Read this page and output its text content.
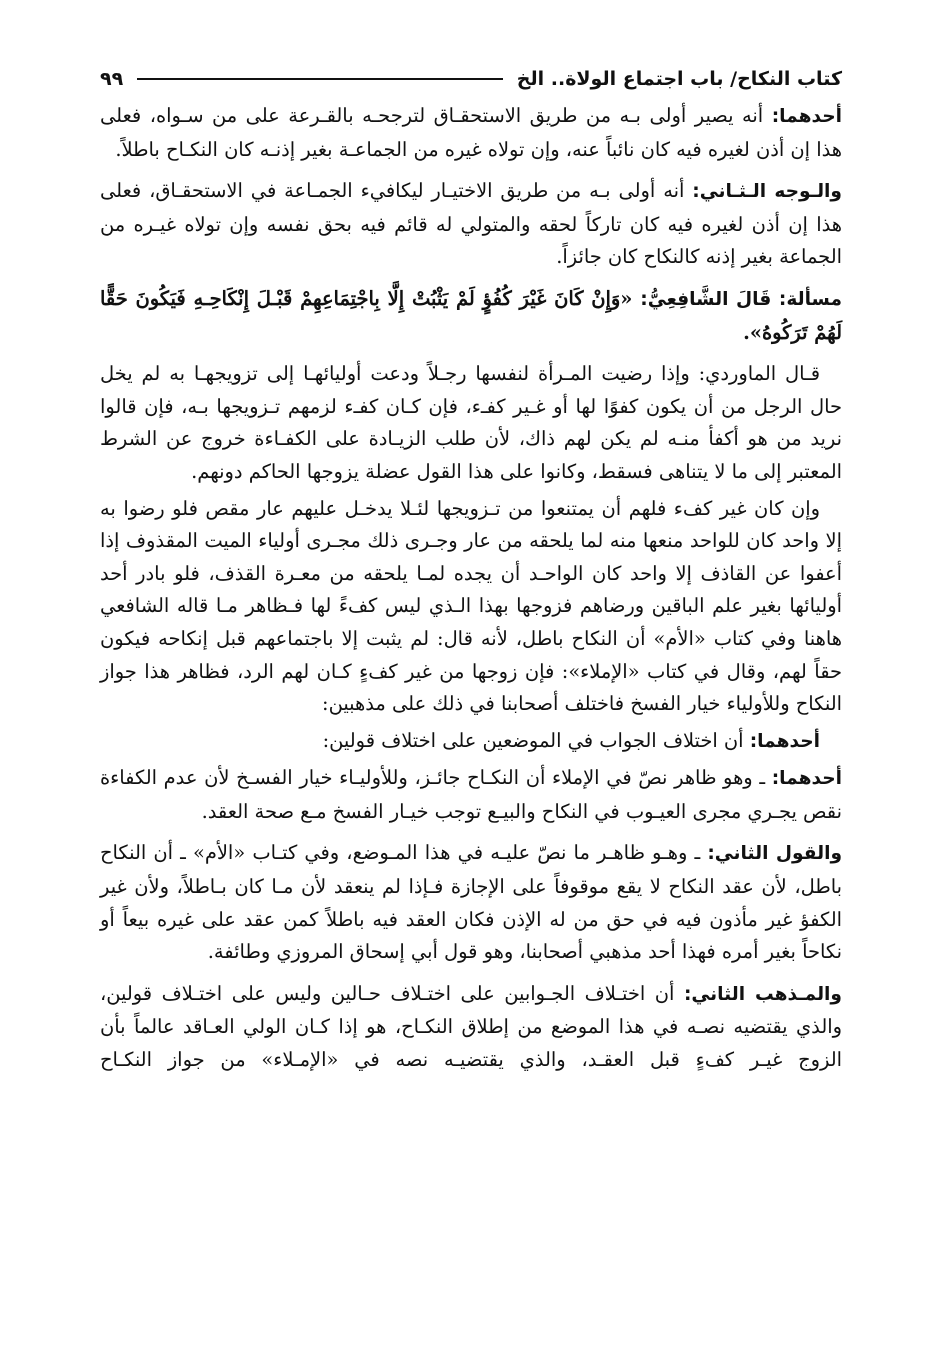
كتاب النكاح/ باب اجتماع الولاة.. الخ
٩٩

أحدهما: أنه يصير أولى بـه من طريق الاستحقـاق لترجحـه بالقـرعة على من سـواه، فعلى هذا إن أذن لغيره فيه كان نائباً عنه، وإن تولاه غيره من الجماعـة بغير إذنـه كان النكـاح باطلاً.

والـوجه الـثـاني: أنه أولى بـه من طريق الاختيـار ليكافيء الجمـاعة في الاستحقـاق، فعلى هذا إن أذن لغيره فيه كان تاركاً لحقه والمتولي له قائم فيه بحق نفسه وإن تولاه غيـره من الجماعة بغير إذنه كالنكاح كان جائزاً.

مسألة: قَالَ الشَّافِعِيُّ: «وَإِنْ كَانَ غَيْرَ كُفُؤٍ لَمْ يَثْبُتْ إِلَّا بِاجْتِمَاعِهِمْ قَبْـلَ إِنْكَاحِـهِ فَيَكُونَ حَقًّا لَهُمْ تَرَكُوهُ».

قـال الماوردي: وإذا رضيت المـرأة لنفسها رجـلاً ودعت أوليائهـا إلى تزويجهـا به لم يخل حال الرجل من أن يكون كفوًا لها أو غـير كفـء، فإن كـان كفـء لزمهم تـزويجها بـه، فإن قالوا نريد من هو أكفأ منـه لم يكن لهم ذاك، لأن طلب الزيـادة على الكفـاءة خروج عن الشرط المعتبر إلى ما لا يتناهى فسقط، وكانوا على هذا القول عضلة يزوجها الحاكم دونهم.

وإن كان غير كفء فلهم أن يمتنعوا من تـزويجها لئـلا يدخـل عليهم عار مقص فلو رضوا به إلا واحد كان للواحد منعها منه لما يلحقه من عار وجـرى ذلك مجـرى أولياء الميت المقذوف إذا أعفوا عن القاذف إلا واحد كان الواحـد أن يجده لمـا يلحقه من معـرة القذف، فلو بادر أحد أوليائها بغير علم الباقين ورضاهم فزوجها بهذا الـذي ليس كفءً لها فـظاهر مـا قاله الشافعي هاهنا وفي كتاب «الأم» أن النكاح باطل، لأنه قال: لم يثبت إلا باجتماعهم قبل إنكاحه فيكون حقاً لهم، وقال في كتاب «الإملاء»: فإن زوجها من غير كفءٍ كـان لهم الرد، فظاهر هذا جواز النكاح وللأولياء خيار الفسخ فاختلف أصحابنا في ذلك على مذهبين:

أحدهما: أن اختلاف الجواب في الموضعين على اختلاف قولين:

أحدهما: ـ وهو ظاهر نصّ في الإملاء أن النكـاح جائـز، وللأوليـاء خيار الفسـخ لأن عدم الكفاءة نقص يجـري مجرى العيـوب في النكاح والبيـع توجب خيـار الفسخ مـع صحة العقد.

والقول الثاني: ـ وهـو ظاهـر ما نصّ عليـه في هذا المـوضع، وفي كتـاب «الأم» ـ أن النكاح باطل، لأن عقد النكاح لا يقع موقوفاً على الإجازة فـإذا لم ينعقد لأن مـا كان بـاطلاً، ولأن غير الكفؤ غير مأذون فيه في حق من له الإذن فكان العقد فيه باطلاً كمن عقد على غيره بيعاً أو نكاحاً بغير أمره فهذا أحد مذهبي أصحابنا، وهو قول أبي إسحاق المروزي وطائفة.

والمـذهب الثاني: أن اختـلاف الجـوابين على اختـلاف حـالين وليس على اختـلاف قولين، والذي يقتضيه نصـه في هذا الموضع من إطلاق النكـاح، هو إذا كـان الولي العـاقد عالماً بأن الزوج غيـر كفءٍ قبل العقـد، والذي يقتضيـه نصه في «الإمـلاء» من جواز النكـاح
